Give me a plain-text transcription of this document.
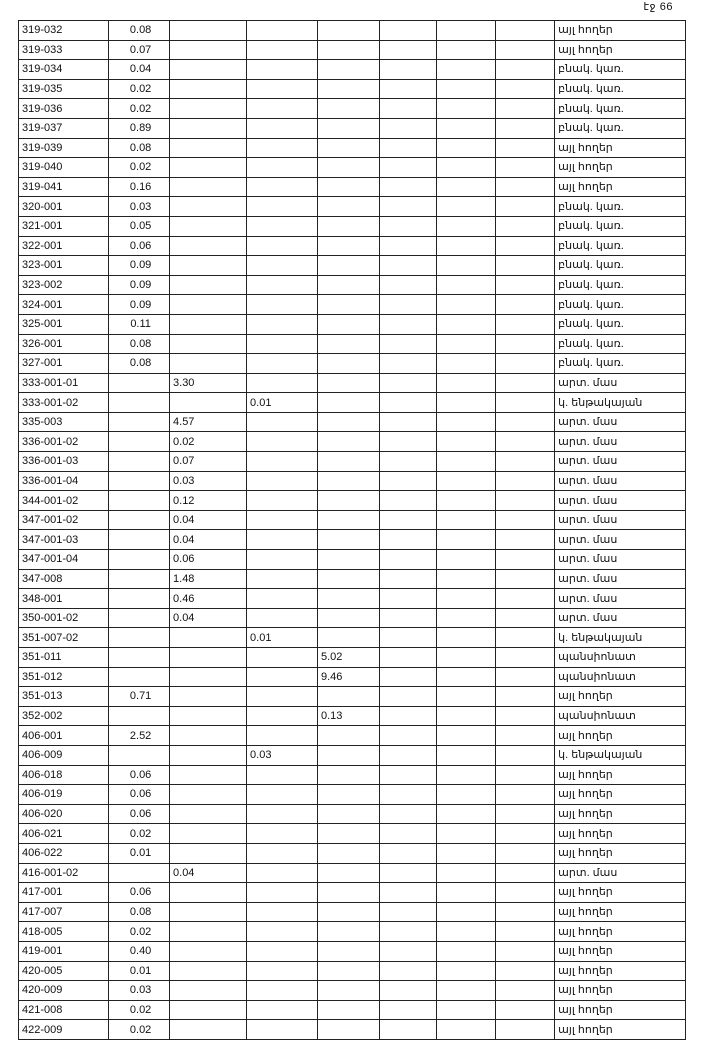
էջ 66
319-032	0.08							այլ հողեր
319-033	0.07							այլ հողեր
319-034	0.04							բնակ. կառ.
319-035	0.02							բնակ. կառ.
319-036	0.02							բնակ. կառ.
319-037	0.89							բնակ. կառ.
319-039	0.08							այլ հողեր
319-040	0.02							այլ հողեր
319-041	0.16							այլ հողեր
320-001	0.03							բնակ. կառ.
321-001	0.05							բնակ. կառ.
322-001	0.06							բնակ. կառ.
323-001	0.09							բնակ. կառ.
323-002	0.09							բնակ. կառ.
324-001	0.09							բնակ. կառ.
325-001	0.11							բնակ. կառ.
326-001	0.08							բնակ. կառ.
327-001	0.08							բնակ. կառ.
333-001-01		3.30						արտ. մաս
333-001-02			0.01					կ. ենթակայան
335-003		4.57						արտ. մաս
336-001-02		0.02						արտ. մաս
336-001-03		0.07						արտ. մաս
336-001-04		0.03						արտ. մաս
344-001-02		0.12						արտ. մաս
347-001-02		0.04						արտ. մաս
347-001-03		0.04						արտ. մաս
347-001-04		0.06						արտ. մաս
347-008		1.48						արտ. մաս
348-001		0.46						արտ. մաս
350-001-02		0.04						արտ. մաս
351-007-02			0.01					կ. ենթակայան
351-011				5.02				պանսիոնատ
351-012				9.46				պանսիոնատ
351-013	0.71							այլ հողեր
352-002				0.13				պանսիոնատ
406-001	2.52							այլ հողեր
406-009			0.03					կ. ենթակայան
406-018	0.06							այլ հողեր
406-019	0.06							այլ հողեր
406-020	0.06							այլ հողեր
406-021	0.02							այլ հողեր
406-022	0.01							այլ հողեր
416-001-02		0.04						արտ. մաս
417-001	0.06							այլ հողեր
417-007	0.08							այլ հողեր
418-005	0.02							այլ հողեր
419-001	0.40							այլ հողեր
420-005	0.01							այլ հողեր
420-009	0.03							այլ հողեր
421-008	0.02							այլ հողեր
422-009	0.02							այլ հողեր
